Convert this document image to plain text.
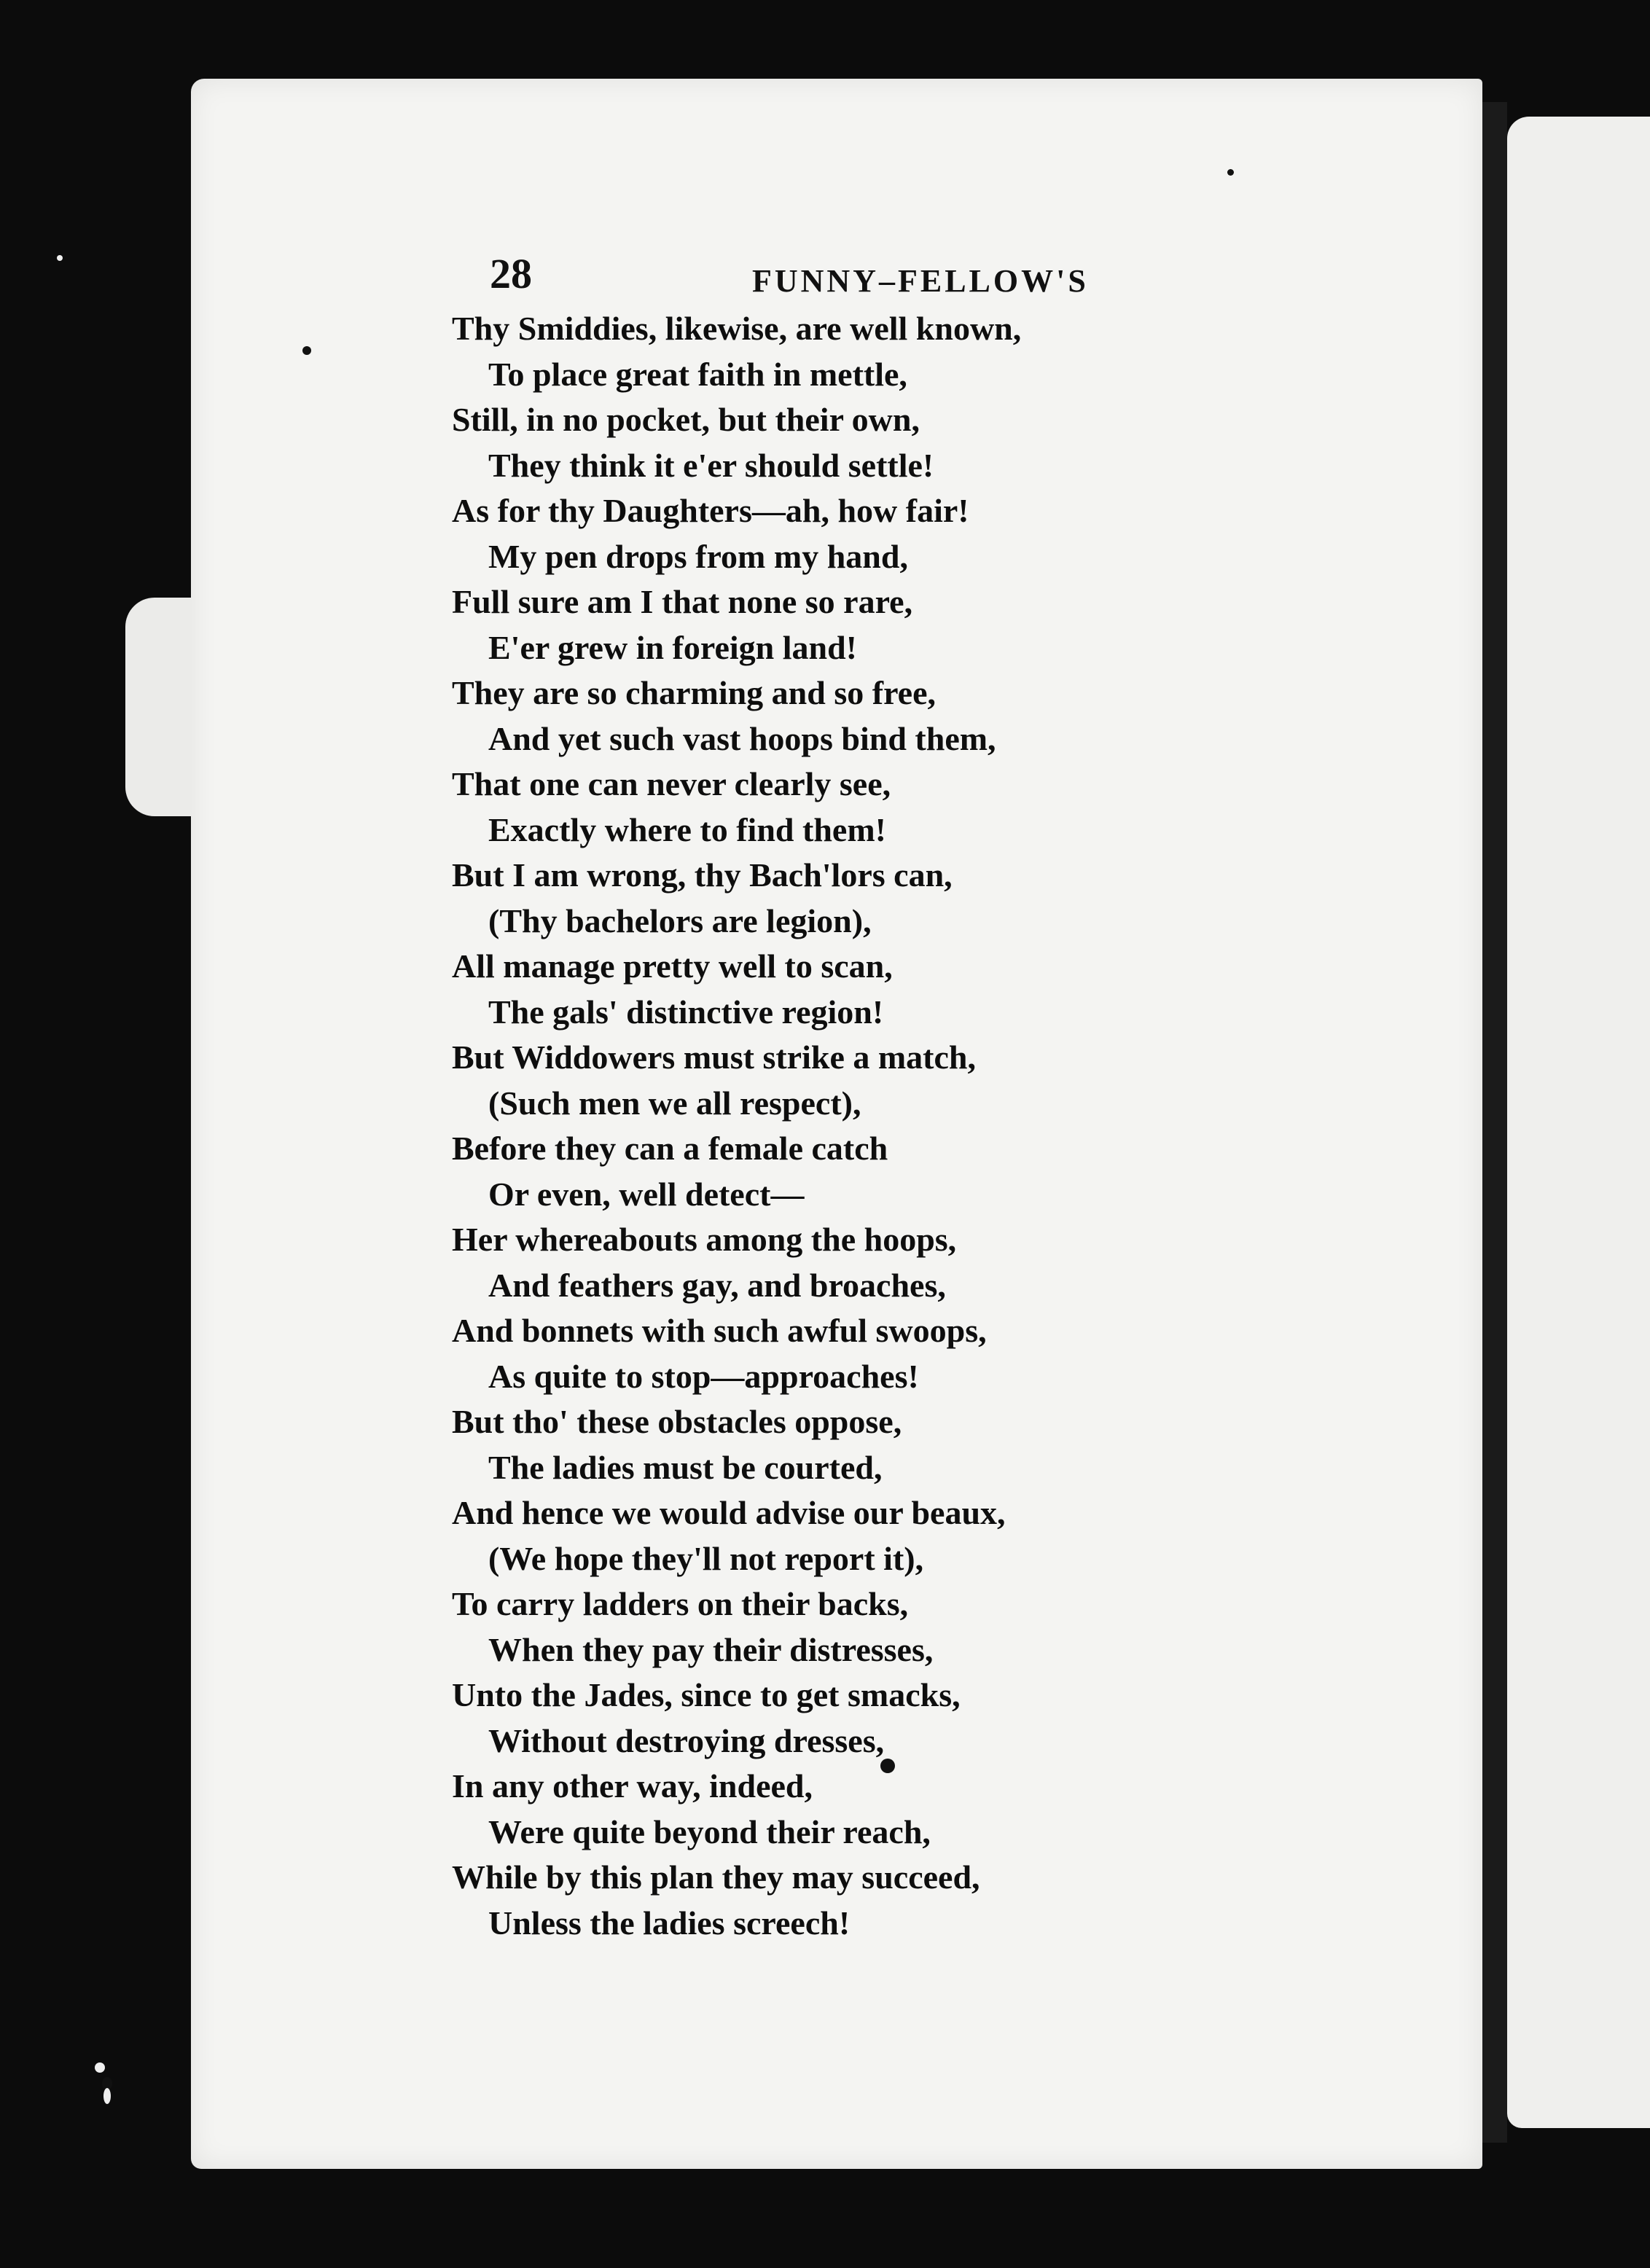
28	FUNNY–FELLOW'S
Thy Smiddies, likewise, are well known,
To place great faith in mettle,
Still, in no pocket, but their own,
They think it e'er should settle!
As for thy Daughters—ah, how fair!
My pen drops from my hand,
Full sure am I that none so rare,
E'er grew in foreign land!
They are so charming and so free,
And yet such vast hoops bind them,
That one can never clearly see,
Exactly where to find them!
But I am wrong, thy Bach'lors can,
(Thy bachelors are legion),
All manage pretty well to scan,
The gals' distinctive region!
But Widdowers must strike a match,
(Such men we all respect),
Before they can a female catch
Or even, well detect—
Her whereabouts among the hoops,
And feathers gay, and broaches,
And bonnets with such awful swoops,
As quite to stop—approaches!
But tho' these obstacles oppose,
The ladies must be courted,
And hence we would advise our beaux,
(We hope they'll not report it),
To carry ladders on their backs,
When they pay their distresses,
Unto the Jades, since to get smacks,
Without destroying dresses,
In any other way, indeed,
Were quite beyond their reach,
While by this plan they may succeed,
Unless the ladies screech!
